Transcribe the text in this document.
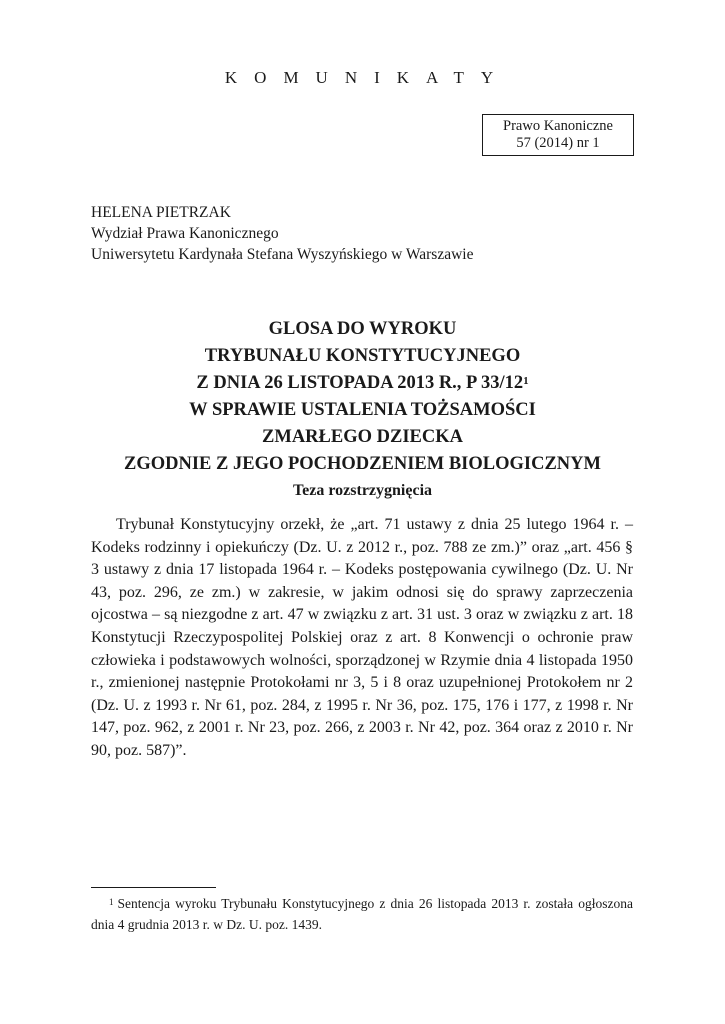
KOMUNIKATY
Prawo Kanoniczne
57 (2014) nr 1
HELENA PIETRZAK
Wydział Prawa Kanonicznego
Uniwersytetu Kardynała Stefana Wyszyńskiego w Warszawie
GLOSA DO WYROKU
TRYBUNAŁU KONSTYTUCYJNEGO
Z DNIA 26 LISTOPADA 2013 R., P $33/12^1$
W SPRAWIE USTALENIA TOŻSAMOŚCI
ZMARŁEGO DZIECKA
ZGODNIE Z JEGO POCHODZENIEM BIOLOGICZNYM
Teza rozstrzygnięcia
Trybunał Konstytucyjny orzekł, że „art. 71 ustawy z dnia 25 lutego 1964 r. – Kodeks rodzinny i opiekuńczy (Dz. U. z 2012 r., poz. 788 ze zm.)” oraz „art. 456 § 3 ustawy z dnia 17 listopada 1964 r. – Kodeks postępowania cywilnego (Dz. U. Nr 43, poz. 296, ze zm.) w zakresie, w jakim odnosi się do sprawy zaprzeczenia ojcostwa – są niezgodne z art. 47 w związku z art. 31 ust. 3 oraz w związku z art. 18 Konstytucji Rzeczypospolitej Polskiej oraz z art. 8 Konwencji o ochronie praw człowieka i podstawowych wolności, sporządzonej w Rzymie dnia 4 listopada 1950 r., zmienionej następnie Protokołami nr 3, 5 i 8 oraz uzupełnionej Protokołem nr 2 (Dz. U. z 1993 r. Nr 61, poz. 284, z 1995 r. Nr 36, poz. 175, 176 i 177, z 1998 r. Nr 147, poz. 962, z 2001 r. Nr 23, poz. 266, z 2003 r. Nr 42, poz. 364 oraz z 2010 r. Nr 90, poz. 587)”.
$^1$ Sentencja wyroku Trybunału Konstytucyjnego z dnia 26 listopada 2013 r. została ogłoszona dnia 4 grudnia 2013 r. w Dz. U. poz. 1439.
